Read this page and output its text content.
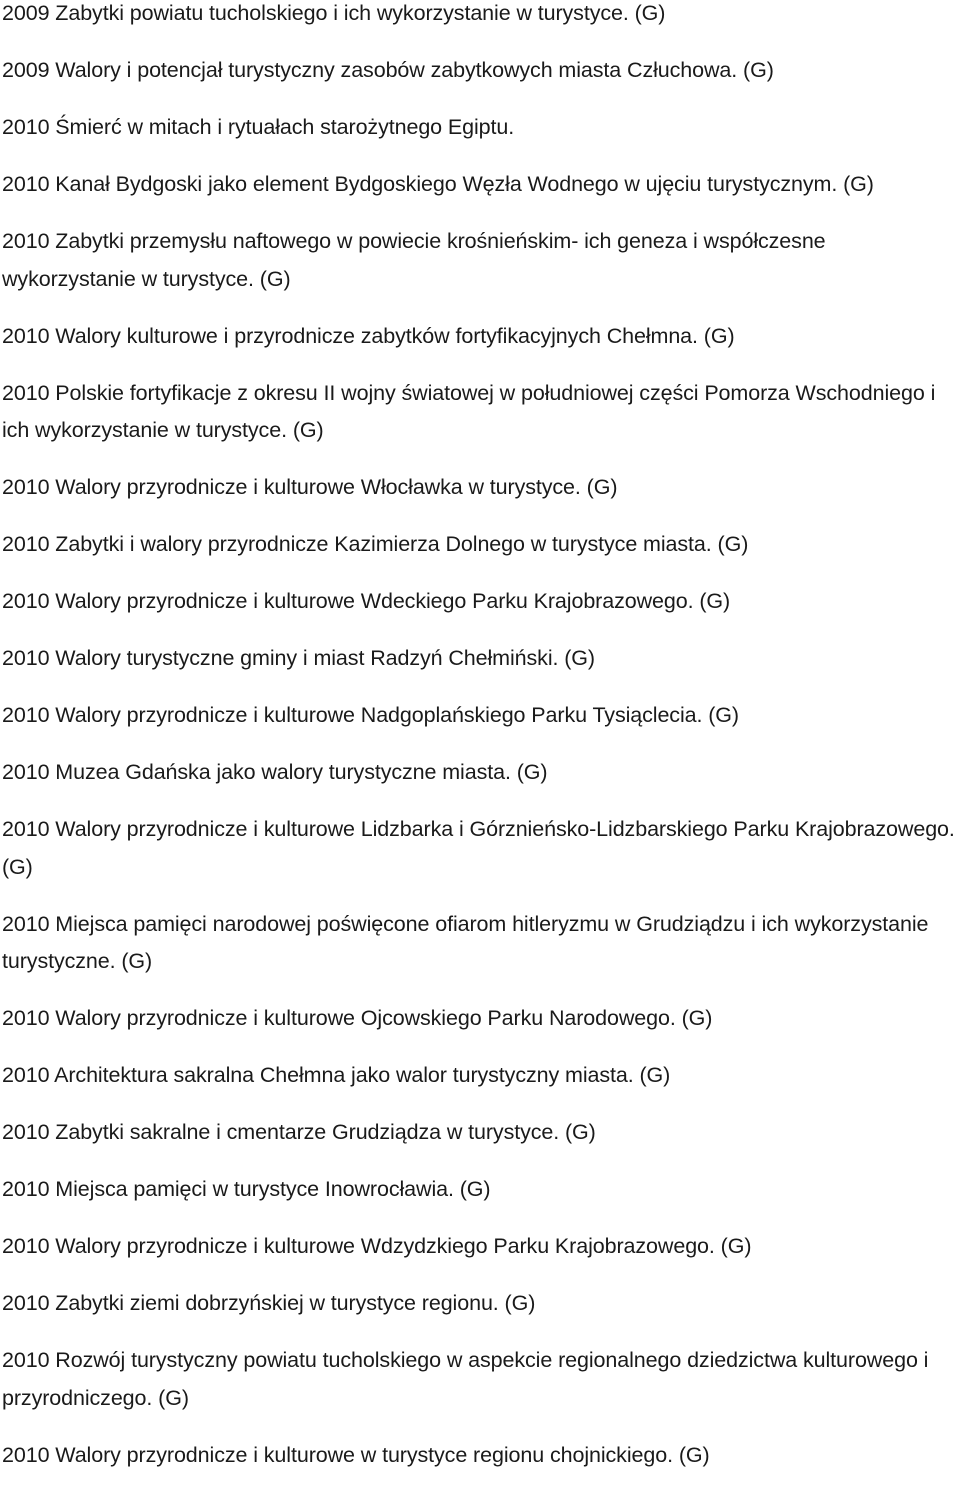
2009 Zabytki powiatu tucholskiego i ich wykorzystanie w turystyce. (G)

2009 Walory i potencjał turystyczny zasobów zabytkowych miasta Człuchowa. (G)

2010 Śmierć w mitach i rytuałach starożytnego Egiptu.

2010 Kanał Bydgoski jako element Bydgoskiego Węzła Wodnego w ujęciu turystycznym. (G)

2010 Zabytki przemysłu naftowego w powiecie krośnieńskim- ich geneza i współczesne wykorzystanie w turystyce. (G)

2010 Walory kulturowe i przyrodnicze zabytków fortyfikacyjnych Chełmna. (G)

2010 Polskie fortyfikacje z okresu II wojny światowej w południowej części Pomorza Wschodniego i ich wykorzystanie w turystyce. (G)

2010 Walory przyrodnicze i kulturowe Włocławka w turystyce. (G)

2010 Zabytki i walory przyrodnicze Kazimierza Dolnego w turystyce miasta. (G)

2010 Walory przyrodnicze i kulturowe Wdeckiego Parku Krajobrazowego. (G)

2010 Walory turystyczne gminy i miast Radzyń Chełmiński. (G)

2010 Walory przyrodnicze i kulturowe Nadgoplańskiego Parku Tysiąclecia. (G)

2010 Muzea Gdańska jako walory turystyczne miasta. (G)

2010 Walory przyrodnicze i kulturowe Lidzbarka i Górznieńsko-Lidzbarskiego Parku Krajobrazowego. (G)

2010 Miejsca pamięci narodowej poświęcone ofiarom hitleryzmu w Grudziądzu i ich wykorzystanie turystyczne. (G)

2010 Walory przyrodnicze i kulturowe Ojcowskiego Parku Narodowego. (G)

2010 Architektura sakralna Chełmna jako walor turystyczny miasta. (G)

2010 Zabytki sakralne i cmentarze Grudziądza w turystyce. (G)

2010 Miejsca pamięci w turystyce Inowrocławia. (G)

2010 Walory przyrodnicze i kulturowe Wdzydzkiego Parku Krajobrazowego. (G)

2010 Zabytki ziemi dobrzyńskiej w turystyce regionu. (G)

2010 Rozwój turystyczny powiatu tucholskiego w aspekcie regionalnego dziedzictwa kulturowego i przyrodniczego. (G)

2010 Walory przyrodnicze i kulturowe w turystyce regionu chojnickiego. (G)
